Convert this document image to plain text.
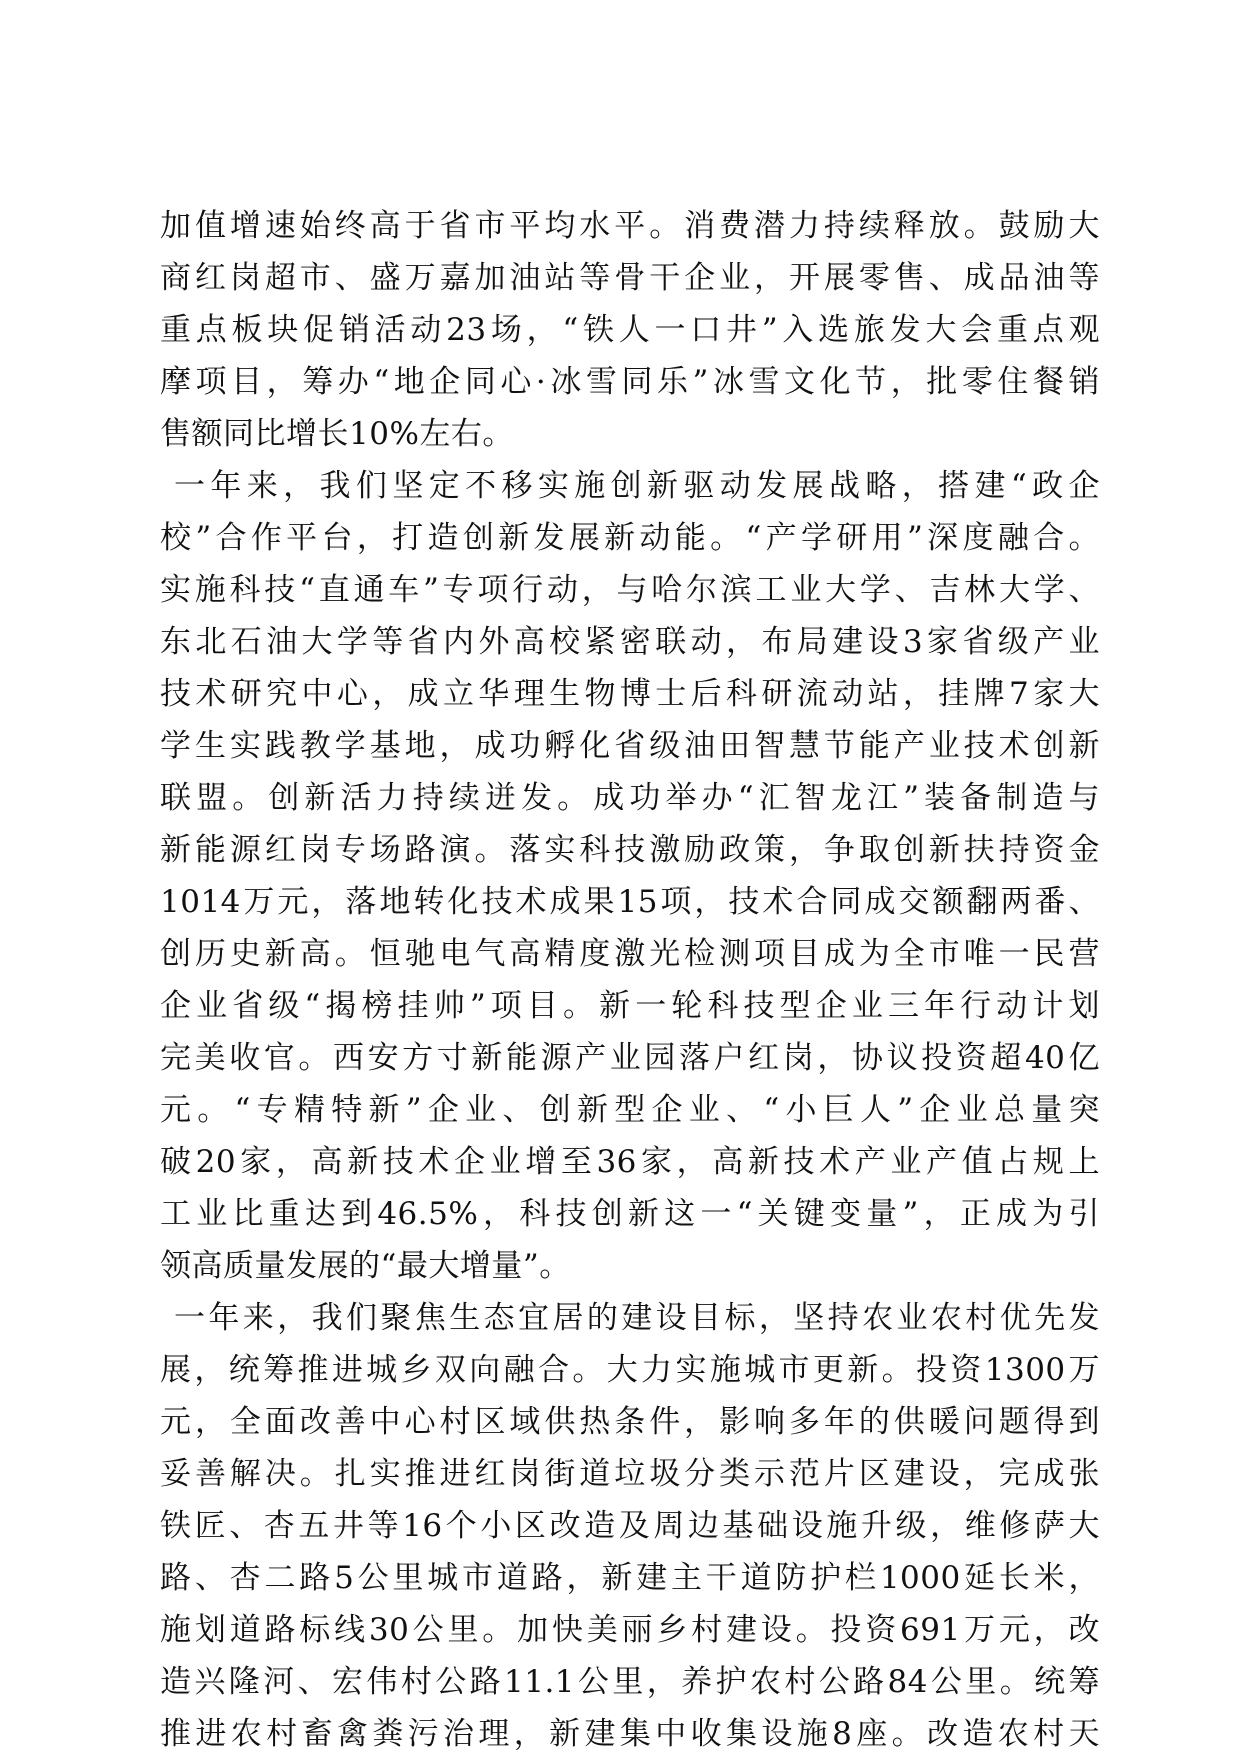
加值增速始终高于省市平均水平。消费潜力持续释放。鼓励大
商红岗超市、盛万嘉加油站等骨干企业，开展零售、成品油等
重点板块促销活动23场，“铁人一口井”入选旅发大会重点观
摩项目，筹办“地企同心·冰雪同乐”冰雪文化节，批零住餐销
售额同比增长10%左右。
一年来，我们坚定不移实施创新驱动发展战略，搭建“政企
校”合作平台，打造创新发展新动能。“产学研用”深度融合。
实施科技“直通车”专项行动，与哈尔滨工业大学、吉林大学、
东北石油大学等省内外高校紧密联动，布局建设3家省级产业
技术研究中心，成立华理生物博士后科研流动站，挂牌7家大
学生实践教学基地，成功孵化省级油田智慧节能产业技术创新
联盟。创新活力持续迸发。成功举办“汇智龙江”装备制造与
新能源红岗专场路演。落实科技激励政策，争取创新扶持资金
1014万元，落地转化技术成果15项，技术合同成交额翻两番、
创历史新高。恒驰电气高精度激光检测项目成为全市唯一民营
企业省级“揭榜挂帅”项目。新一轮科技型企业三年行动计划
完美收官。西安方寸新能源产业园落户红岗，协议投资超40亿
元。“专精特新”企业、创新型企业、“小巨人”企业总量突
破20家，高新技术企业增至36家，高新技术产业产值占规上
工业比重达到46.5%，科技创新这一“关键变量”，正成为引
领高质量发展的“最大增量”。
一年来，我们聚焦生态宜居的建设目标，坚持农业农村优先发
展，统筹推进城乡双向融合。大力实施城市更新。投资1300万
元，全面改善中心村区域供热条件，影响多年的供暖问题得到
妥善解决。扎实推进红岗街道垃圾分类示范片区建设，完成张
铁匠、杏五井等16个小区改造及周边基础设施升级，维修萨大
路、杏二路5公里城市道路，新建主干道防护栏1000延长米，
施划道路标线30公里。加快美丽乡村建设。投资691万元，改
造兴隆河、宏伟村公路11.1公里，养护农村公路84公里。统筹
推进农村畜禽粪污治理，新建集中收集设施8座。改造农村天
